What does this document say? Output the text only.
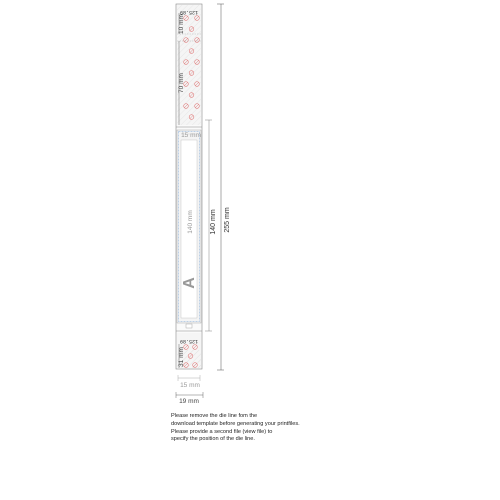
125.89
10 mm
70 mm
15 mm
140 mm
A
125.89
31 mm
140 mm 255 mm
15 mm
19 mm
Please remove the die line fom the
download template before generating your printfiles.
Please provide a second file (view file) to
specify the position of the die line.
